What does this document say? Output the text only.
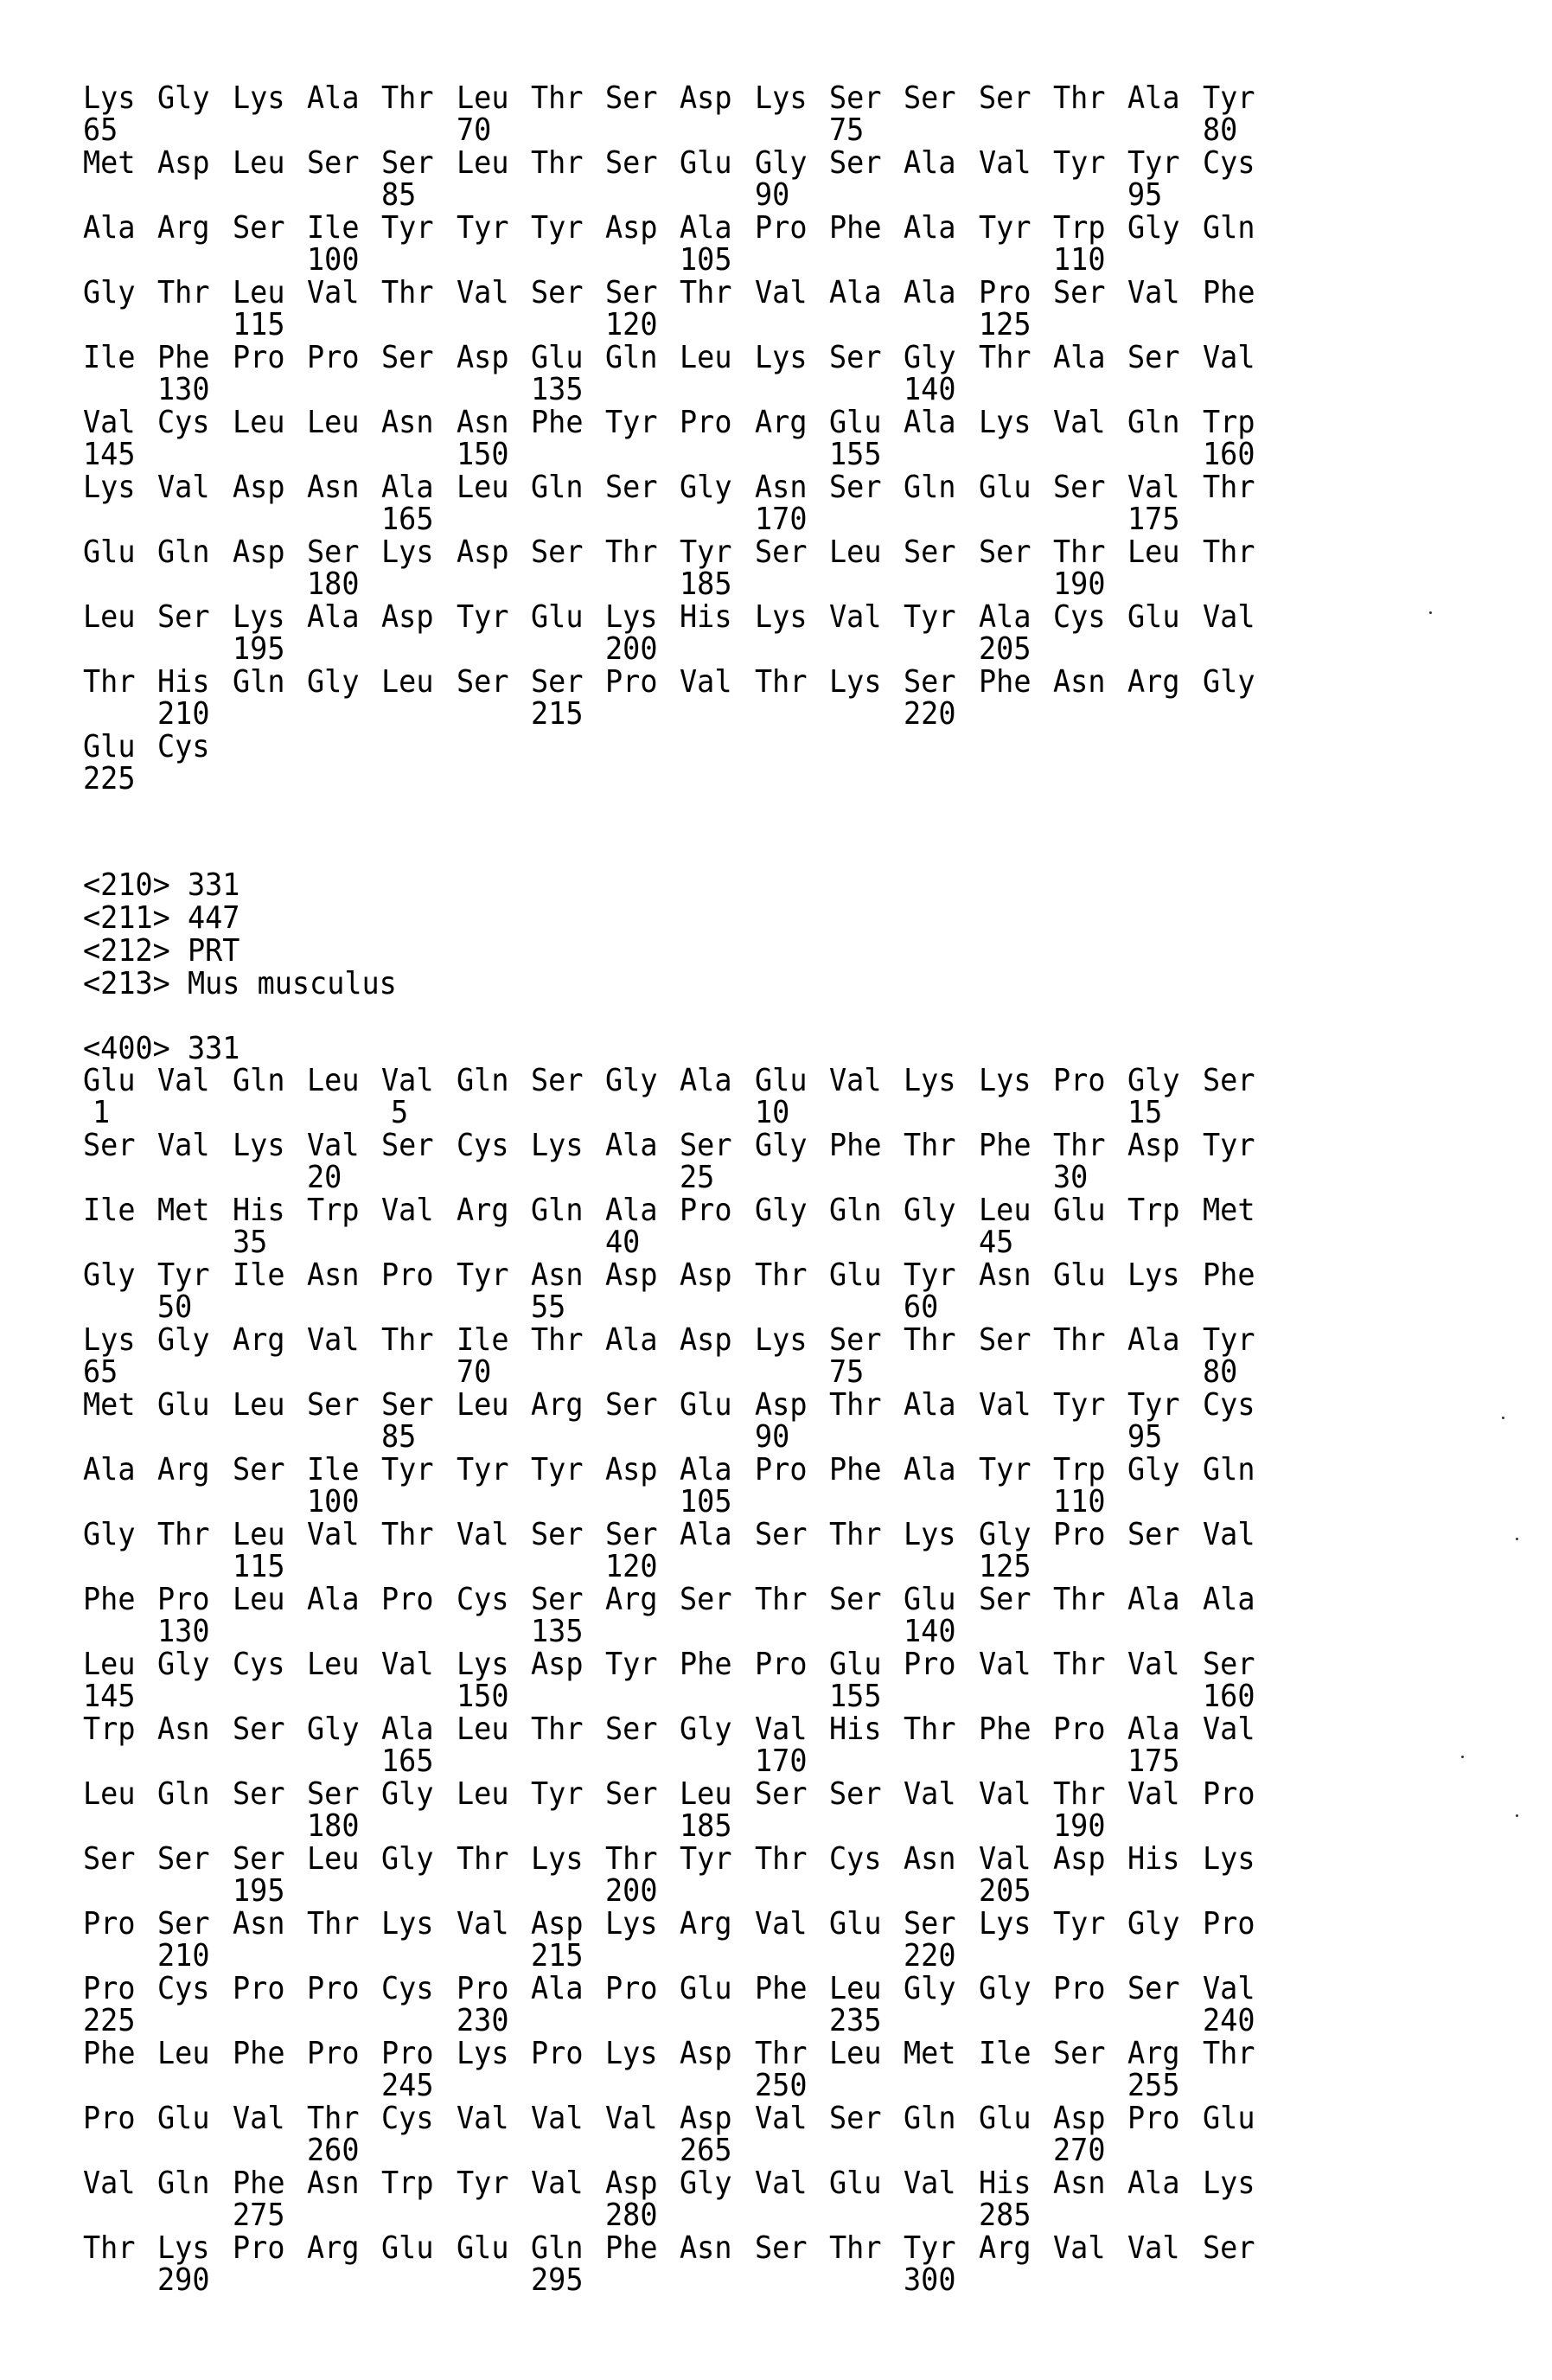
Lys Gly Lys Ala Thr Leu Thr Ser Asp Lys Ser Ser Ser Thr Ala Tyr
65	70	75	80
Met Asp Leu Ser Ser Leu Thr Ser Glu Gly Ser Ala Val Tyr Tyr Cys
85	90	95
Ala Arg Ser Ile Tyr Tyr Tyr Asp Ala Pro Phe Ala Tyr Trp Gly Gln
100	105	110
Gly Thr Leu Val Thr Val Ser Ser Thr Val Ala Ala Pro Ser Val Phe
115	120	125
Ile Phe Pro Pro Ser Asp Glu Gln Leu Lys Ser Gly Thr Ala Ser Val
130	135	140
Val Cys Leu Leu Asn Asn Phe Tyr Pro Arg Glu Ala Lys Val Gln Trp
145	150	155	160
Lys Val Asp Asn Ala Leu Gln Ser Gly Asn Ser Gln Glu Ser Val Thr
165	170	175
Glu Gln Asp Ser Lys Asp Ser Thr Tyr Ser Leu Ser Ser Thr Leu Thr
180	185	190
Leu Ser Lys Ala Asp Tyr Glu Lys His Lys Val Tyr Ala Cys Glu Val
195	200	205
Thr His Gln Gly Leu Ser Ser Pro Val Thr Lys Ser Phe Asn Arg Gly
210	215	220
Glu Cys
225
<210> 331
<211> 447
<212> PRT
<213> Mus musculus
<400> 331
Glu Val Gln Leu Val Gln Ser Gly Ala Glu Val Lys Lys Pro Gly Ser
1	5	10	15
Ser Val Lys Val Ser Cys Lys Ala Ser Gly Phe Thr Phe Thr Asp Tyr
20	25	30
Ile Met His Trp Val Arg Gln Ala Pro Gly Gln Gly Leu Glu Trp Met
35	40	45
Gly Tyr Ile Asn Pro Tyr Asn Asp Asp Thr Glu Tyr Asn Glu Lys Phe
50	55	60
Lys Gly Arg Val Thr Ile Thr Ala Asp Lys Ser Thr Ser Thr Ala Tyr
65	70	75	80
Met Glu Leu Ser Ser Leu Arg Ser Glu Asp Thr Ala Val Tyr Tyr Cys
85	90	95
Ala Arg Ser Ile Tyr Tyr Tyr Asp Ala Pro Phe Ala Tyr Trp Gly Gln
100	105	110
Gly Thr Leu Val Thr Val Ser Ser Ala Ser Thr Lys Gly Pro Ser Val
115	120	125
Phe Pro Leu Ala Pro Cys Ser Arg Ser Thr Ser Glu Ser Thr Ala Ala
130	135	140
Leu Gly Cys Leu Val Lys Asp Tyr Phe Pro Glu Pro Val Thr Val Ser
145	150	155	160
Trp Asn Ser Gly Ala Leu Thr Ser Gly Val His Thr Phe Pro Ala Val
165	170	175
Leu Gln Ser Ser Gly Leu Tyr Ser Leu Ser Ser Val Val Thr Val Pro
180	185	190
Ser Ser Ser Leu Gly Thr Lys Thr Tyr Thr Cys Asn Val Asp His Lys
195	200	205
Pro Ser Asn Thr Lys Val Asp Lys Arg Val Glu Ser Lys Tyr Gly Pro
210	215	220
Pro Cys Pro Pro Cys Pro Ala Pro Glu Phe Leu Gly Gly Pro Ser Val
225	230	235	240
Phe Leu Phe Pro Pro Lys Pro Lys Asp Thr Leu Met Ile Ser Arg Thr
245	250	255
Pro Glu Val Thr Cys Val Val Val Asp Val Ser Gln Glu Asp Pro Glu
260	265	270
Val Gln Phe Asn Trp Tyr Val Asp Gly Val Glu Val His Asn Ala Lys
275	280	285
Thr Lys Pro Arg Glu Glu Gln Phe Asn Ser Thr Tyr Arg Val Val Ser
290	295	300
